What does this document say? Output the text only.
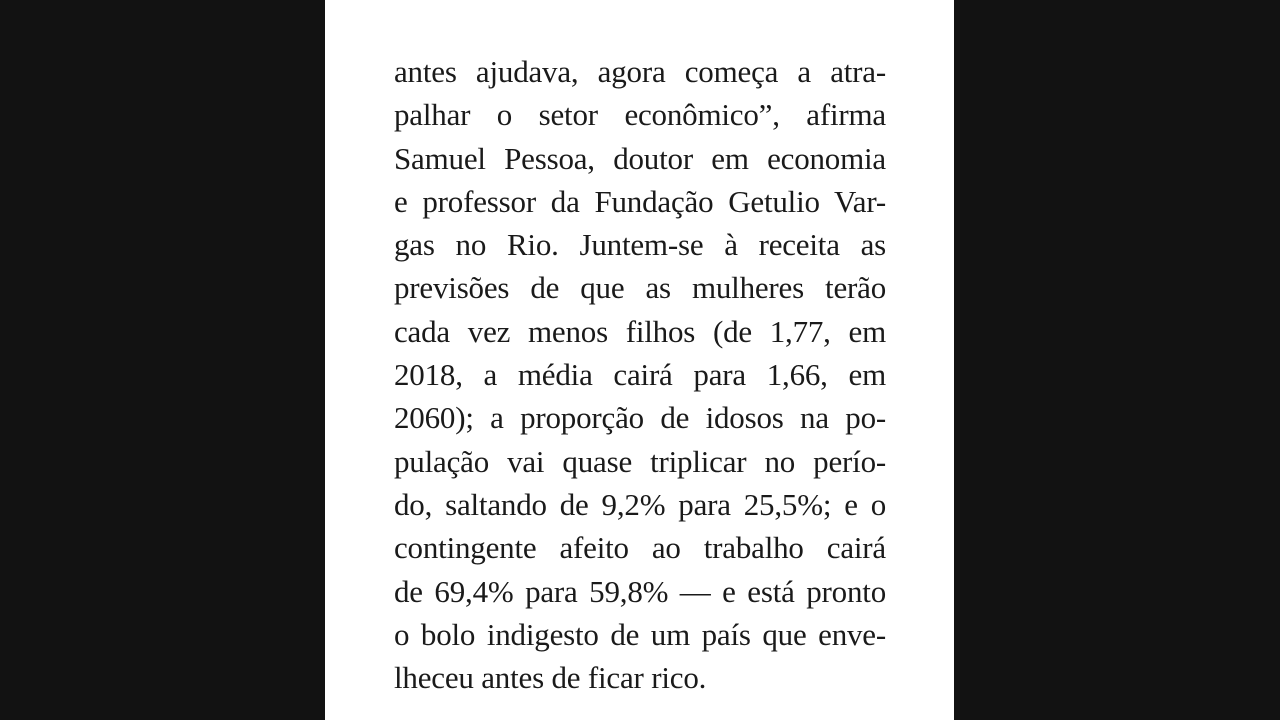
antes ajudava, agora começa a atra-
palhar o setor econômico”, afirma
Samuel Pessoa, doutor em economia
e professor da Fundação Getulio Var-
gas no Rio. Juntem-se à receita as
previsões de que as mulheres terão
cada vez menos filhos (de 1,77, em
2018, a média cairá para 1,66, em
2060); a proporção de idosos na po-
pulação vai quase triplicar no perío-
do, saltando de 9,2% para 25,5%; e o
contingente afeito ao trabalho cairá
de 69,4% para 59,8% — e está pronto
o bolo indigesto de um país que enve-
lheceu antes de ficar rico.
